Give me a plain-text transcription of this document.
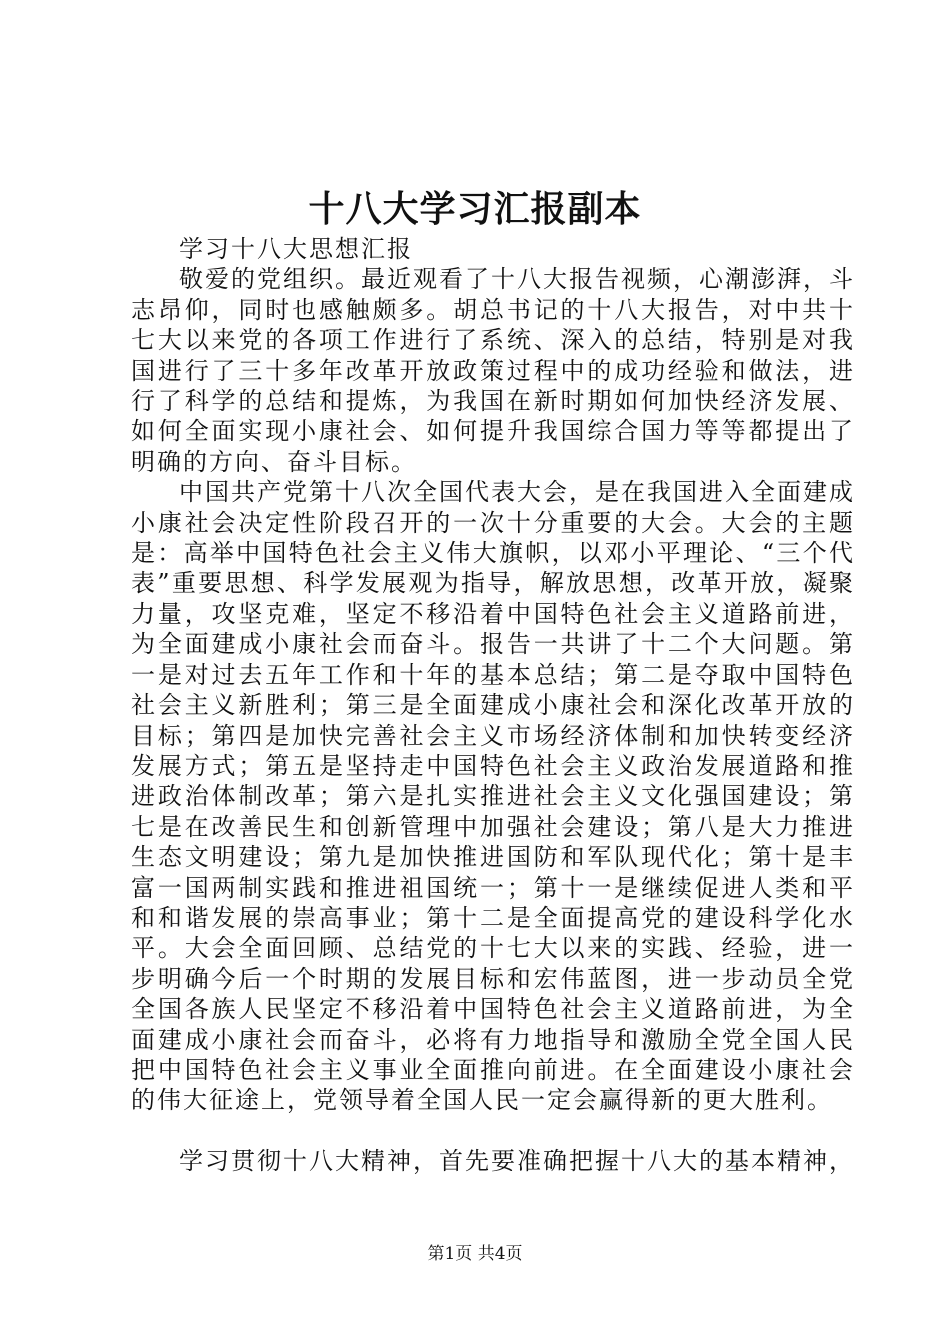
十八大学习汇报副本

学习十八大思想汇报

敬爱的党组织。最近观看了十八大报告视频，心潮澎湃，斗志昂仰，同时也感触颇多。胡总书记的十八大报告，对中共十七大以来党的各项工作进行了系统、深入的总结，特别是对我国进行了三十多年改革开放政策过程中的成功经验和做法，进行了科学的总结和提炼，为我国在新时期如何加快经济发展、如何全面实现小康社会、如何提升我国综合国力等等都提出了明确的方向、奋斗目标。

中国共产党第十八次全国代表大会，是在我国进入全面建成小康社会决定性阶段召开的一次十分重要的大会。大会的主题是：高举中国特色社会主义伟大旗帜，以邓小平理论、“三个代表”重要思想、科学发展观为指导，解放思想，改革开放，凝聚力量，攻坚克难，坚定不移沿着中国特色社会主义道路前进，为全面建成小康社会而奋斗。报告一共讲了十二个大问题。第一是对过去五年工作和十年的基本总结；第二是夺取中国特色社会主义新胜利；第三是全面建成小康社会和深化改革开放的目标；第四是加快完善社会主义市场经济体制和加快转变经济发展方式；第五是坚持走中国特色社会主义政治发展道路和推进政治体制改革；第六是扎实推进社会主义文化强国建设；第七是在改善民生和创新管理中加强社会建设；第八是大力推进生态文明建设；第九是加快推进国防和军队现代化；第十是丰富一国两制实践和推进祖国统一；第十一是继续促进人类和平和和谐发展的崇高事业；第十二是全面提高党的建设科学化水平。大会全面回顾、总结党的十七大以来的实践、经验，进一步明确今后一个时期的发展目标和宏伟蓝图，进一步动员全党全国各族人民坚定不移沿着中国特色社会主义道路前进，为全面建成小康社会而奋斗，必将有力地指导和激励全党全国人民把中国特色社会主义事业全面推向前进。在全面建设小康社会的伟大征途上，党领导着全国人民一定会赢得新的更大胜利。

学习贯彻十八大精神，首先要准确把握十八大的基本精神，

第1页 共4页
